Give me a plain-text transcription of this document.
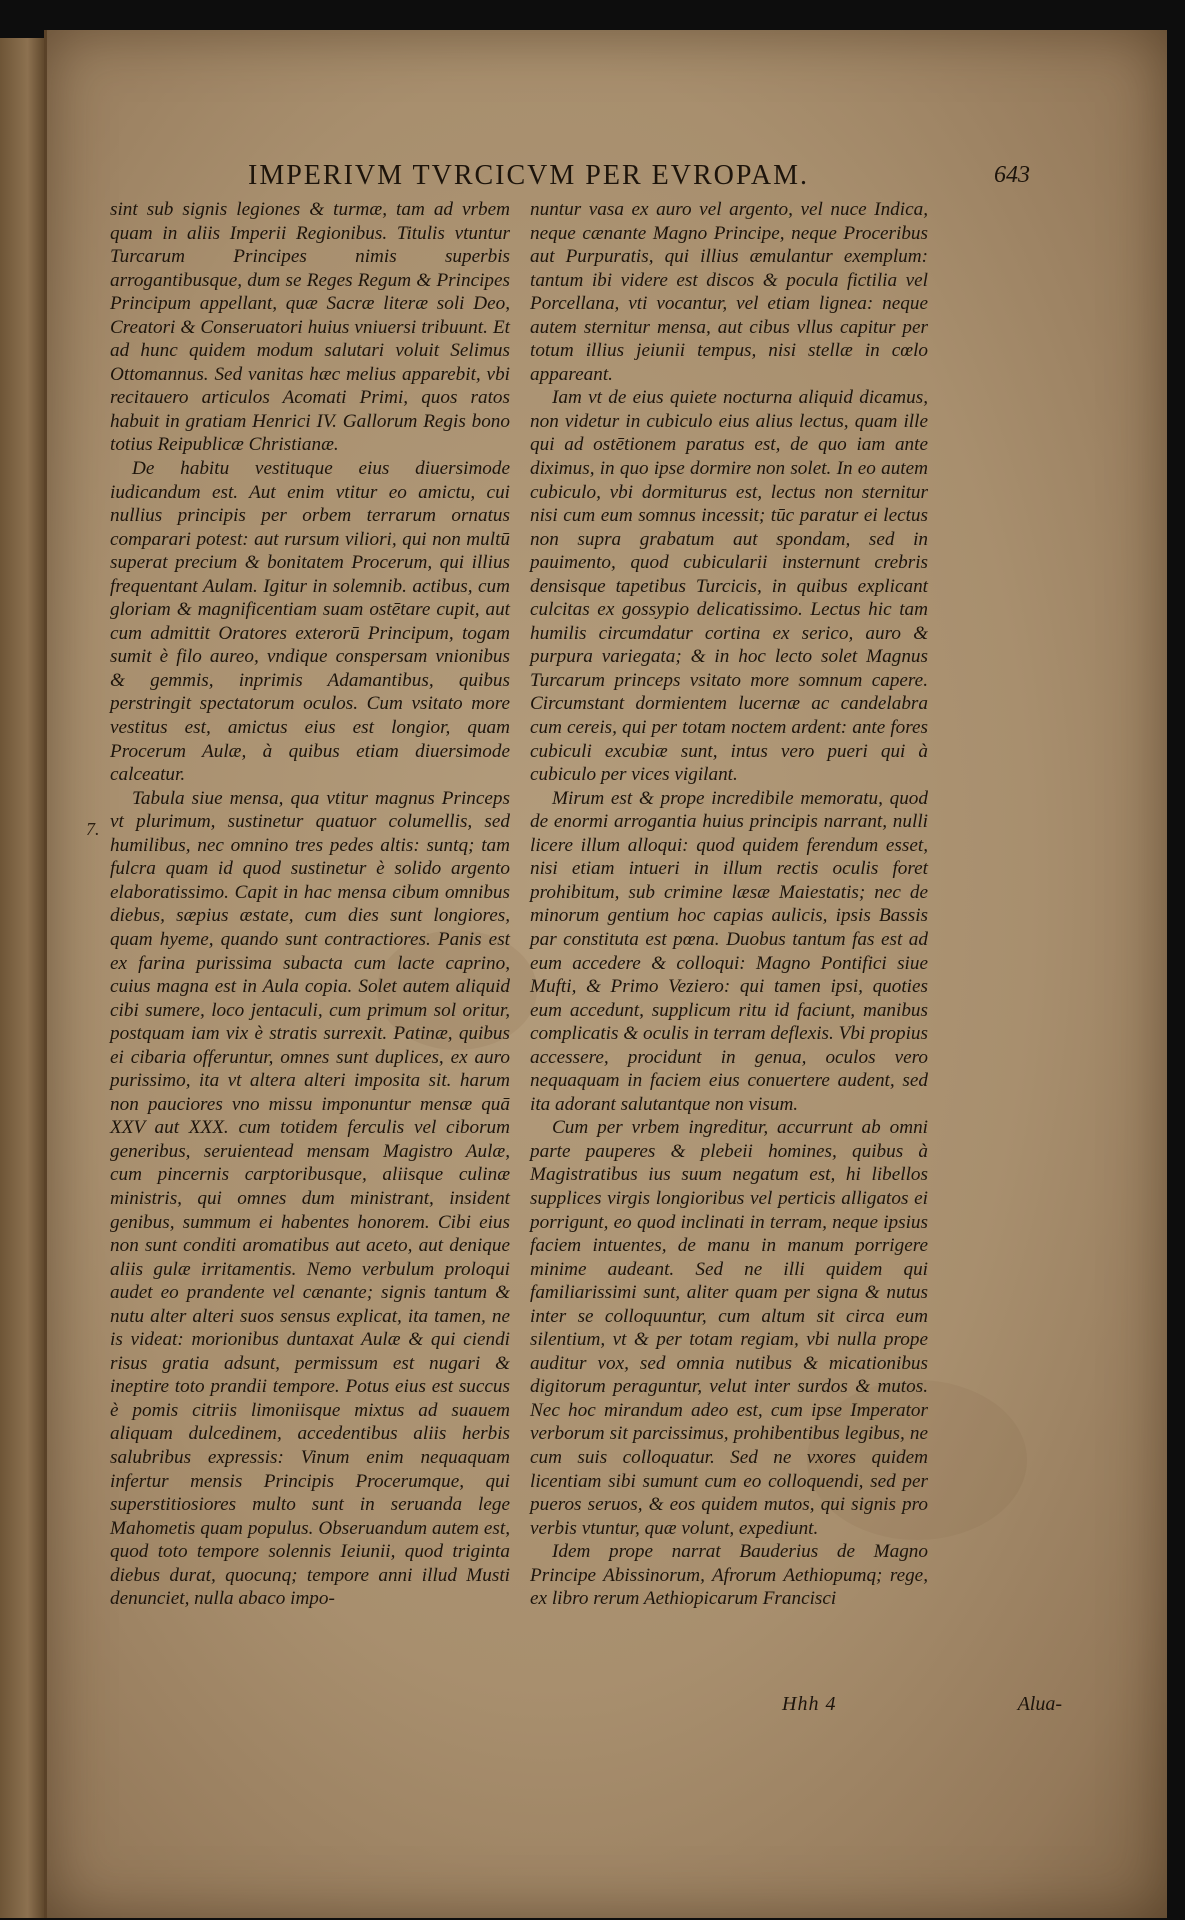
IMPERIVM TVRCICVM PER EVROPAM.	643
7.

sint sub signis legiones & turmæ, tam ad vrbem quam in aliis Imperii Regionibus. Titulis vtuntur Turcarum Principes nimis superbis arrogantibusque, dum se Reges Regum & Principes Principum appellant, quæ Sacræ literæ soli Deo, Creatori & Conseruatori huius vniuersi tribuunt. Et ad hunc quidem modum salutari voluit Selimus Ottomannus. Sed vanitas hæc melius apparebit, vbi recitauero articulos Acomati Primi, quos ratos habuit in gratiam Henrici IV. Gallorum Regis bono totius Reipublicæ Christianæ.

De habitu vestituque eius diuersimode iudicandum est. Aut enim vtitur eo amictu, cui nullius principis per orbem terrarum ornatus comparari potest: aut rursum viliori, qui non multū superat precium & bonitatem Procerum, qui illius frequentant Aulam. Igitur in solemnib. actibus, cum gloriam & magnificentiam suam ostētare cupit, aut cum admittit Oratores exterorū Principum, togam sumit è filo aureo, vndique conspersam vnionibus & gemmis, inprimis Adamantibus, quibus perstringit spectatorum oculos. Cum vsitato more vestitus est, amictus eius est longior, quam Procerum Aulæ, à quibus etiam diuersimode calceatur.

Tabula siue mensa, qua vtitur magnus Princeps vt plurimum, sustinetur quatuor columellis, sed humilibus, nec omnino tres pedes altis: suntq; tam fulcra quam id quod sustinetur è solido argento elaboratissimo. Capit in hac mensa cibum omnibus diebus, sæpius æstate, cum dies sunt longiores, quam hyeme, quando sunt contractiores. Panis est ex farina purissima subacta cum lacte caprino, cuius magna est in Aula copia. Solet autem aliquid cibi sumere, loco jentaculi, cum primum sol oritur, postquam iam vix è stratis surrexit. Patinæ, quibus ei cibaria offeruntur, omnes sunt duplices, ex auro purissimo, ita vt altera alteri imposita sit. harum non pauciores vno missu imponuntur mensæ quā XXV aut XXX. cum totidem ferculis vel ciborum generibus, seruientead mensam Magistro Aulæ, cum pincernis carptoribusque, aliisque culinæ ministris, qui omnes dum ministrant, insident genibus, summum ei habentes honorem. Cibi eius non sunt conditi aromatibus aut aceto, aut denique aliis gulæ irritamentis. Nemo verbulum proloqui audet eo prandente vel cænante; signis tantum & nutu alter alteri suos sensus explicat, ita tamen, ne is videat: morionibus duntaxat Aulæ & qui ciendi risus gratia adsunt, permissum est nugari & ineptire toto prandii tempore. Potus eius est succus è pomis citriis limoniisque mixtus ad suauem aliquam dulcedinem, accedentibus aliis herbis salubribus expressis: Vinum enim nequaquam infertur mensis Principis Procerumque, qui superstitiosiores multo sunt in seruanda lege Mahometis quam populus. Obseruandum autem est, quod toto tempore solennis Ieiunii, quod triginta diebus durat, quocunq; tempore anni illud Musti denunciet, nulla abaco impo-

nuntur vasa ex auro vel argento, vel nuce Indica, neque cænante Magno Principe, neque Proceribus aut Purpuratis, qui illius æmulantur exemplum: tantum ibi videre est discos & pocula fictilia vel Porcellana, vti vocantur, vel etiam lignea: neque autem sternitur mensa, aut cibus vllus capitur per totum illius jeiunii tempus, nisi stellæ in cœlo appareant.

Iam vt de eius quiete nocturna aliquid dicamus, non videtur in cubiculo eius alius lectus, quam ille qui ad ostētionem paratus est, de quo iam ante diximus, in quo ipse dormire non solet. In eo autem cubiculo, vbi dormiturus est, lectus non sternitur nisi cum eum somnus incessit; tūc paratur ei lectus non supra grabatum aut spondam, sed in pauimento, quod cubicularii insternunt crebris densisque tapetibus Turcicis, in quibus explicant culcitas ex gossypio delicatissimo. Lectus hic tam humilis circumdatur cortina ex serico, auro & purpura variegata; & in hoc lecto solet Magnus Turcarum princeps vsitato more somnum capere. Circumstant dormientem lucernæ ac candelabra cum cereis, qui per totam noctem ardent: ante fores cubiculi excubiæ sunt, intus vero pueri qui à cubiculo per vices vigilant.

Mirum est & prope incredibile memoratu, quod de enormi arrogantia huius principis narrant, nulli licere illum alloqui: quod quidem ferendum esset, nisi etiam intueri in illum rectis oculis foret prohibitum, sub crimine læsæ Maiestatis; nec de minorum gentium hoc capias aulicis, ipsis Bassis par constituta est pœna. Duobus tantum fas est ad eum accedere & colloqui: Magno Pontifici siue Mufti, & Primo Veziero: qui tamen ipsi, quoties eum accedunt, supplicum ritu id faciunt, manibus complicatis & oculis in terram deflexis. Vbi propius accessere, procidunt in genua, oculos vero nequaquam in faciem eius conuertere audent, sed ita adorant salutantque non visum.

Cum per vrbem ingreditur, accurrunt ab omni parte pauperes & plebeii homines, quibus à Magistratibus ius suum negatum est, hi libellos supplices virgis longioribus vel perticis alligatos ei porrigunt, eo quod inclinati in terram, neque ipsius faciem intuentes, de manu in manum porrigere minime audeant. Sed ne illi quidem qui familiarissimi sunt, aliter quam per signa & nutus inter se colloquuntur, cum altum sit circa eum silentium, vt & per totam regiam, vbi nulla prope auditur vox, sed omnia nutibus & micationibus digitorum peraguntur, velut inter surdos & mutos. Nec hoc mirandum adeo est, cum ipse Imperator verborum sit parcissimus, prohibentibus legibus, ne cum suis colloquatur. Sed ne vxores quidem licentiam sibi sumunt cum eo colloquendi, sed per pueros seruos, & eos quidem mutos, qui signis pro verbis vtuntur, quæ volunt, expediunt.

Idem prope narrat Bauderius de Magno Principe Abissinorum, Afrorum Aethiopumq; rege, ex libro rerum Aethiopicarum Francisci

Hhh 4	Alua-
